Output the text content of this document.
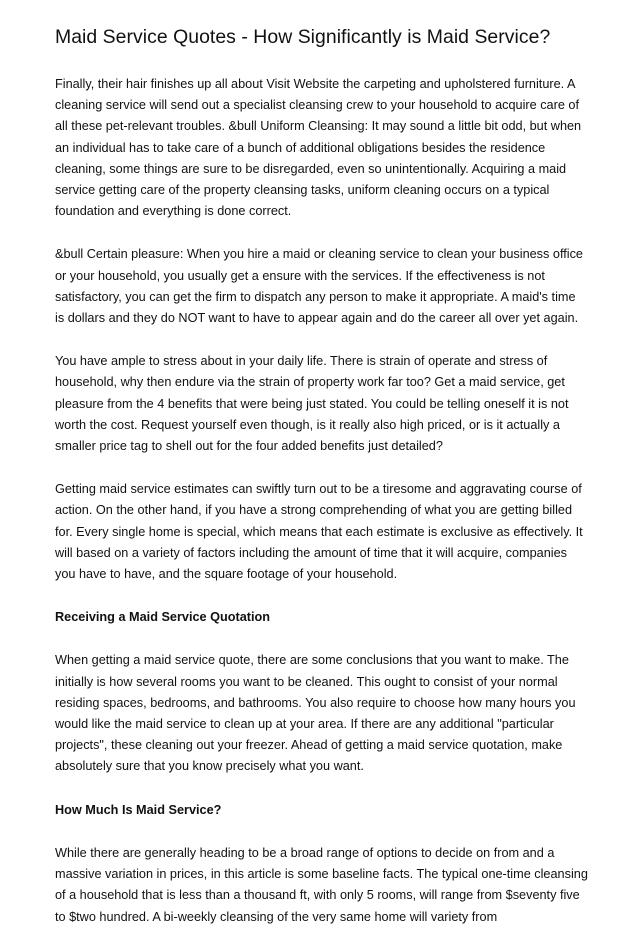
Maid Service Quotes - How Significantly is Maid Service?

Finally, their hair finishes up all about Visit Website the carpeting and upholstered furniture. A cleaning service will send out a specialist cleansing crew to your household to acquire care of all these pet-relevant troubles. &bull Uniform Cleansing: It may sound a little bit odd, but when an individual has to take care of a bunch of additional obligations besides the residence cleaning, some things are sure to be disregarded, even so unintentionally. Acquiring a maid service getting care of the property cleansing tasks, uniform cleaning occurs on a typical foundation and everything is done correct.

&bull Certain pleasure: When you hire a maid or cleaning service to clean your business office or your household, you usually get a ensure with the services. If the effectiveness is not satisfactory, you can get the firm to dispatch any person to make it appropriate. A maid's time is dollars and they do NOT want to have to appear again and do the career all over yet again.

You have ample to stress about in your daily life. There is strain of operate and stress of household, why then endure via the strain of property work far too? Get a maid service, get pleasure from the 4 benefits that were being just stated. You could be telling oneself it is not worth the cost. Request yourself even though, is it really also high priced, or is it actually a smaller price tag to shell out for the four added benefits just detailed?

Getting maid service estimates can swiftly turn out to be a tiresome and aggravating course of action. On the other hand, if you have a strong comprehending of what you are getting billed for. Every single home is special, which means that each estimate is exclusive as effectively. It will based on a variety of factors including the amount of time that it will acquire, companies you have to have, and the square footage of your household.

Receiving a Maid Service Quotation

When getting a maid service quote, there are some conclusions that you want to make. The initially is how several rooms you want to be cleaned. This ought to consist of your normal residing spaces, bedrooms, and bathrooms. You also require to choose how many hours you would like the maid service to clean up at your area. If there are any additional "particular projects", these cleaning out your freezer. Ahead of getting a maid service quotation, make absolutely sure that you know precisely what you want.

How Much Is Maid Service?

While there are generally heading to be a broad range of options to decide on from and a massive variation in prices, in this article is some baseline facts. The typical one-time cleansing of a household that is less than a thousand ft, with only 5 rooms, will range from $seventy five to $two hundred. A bi-weekly cleansing of the very same home will variety from
